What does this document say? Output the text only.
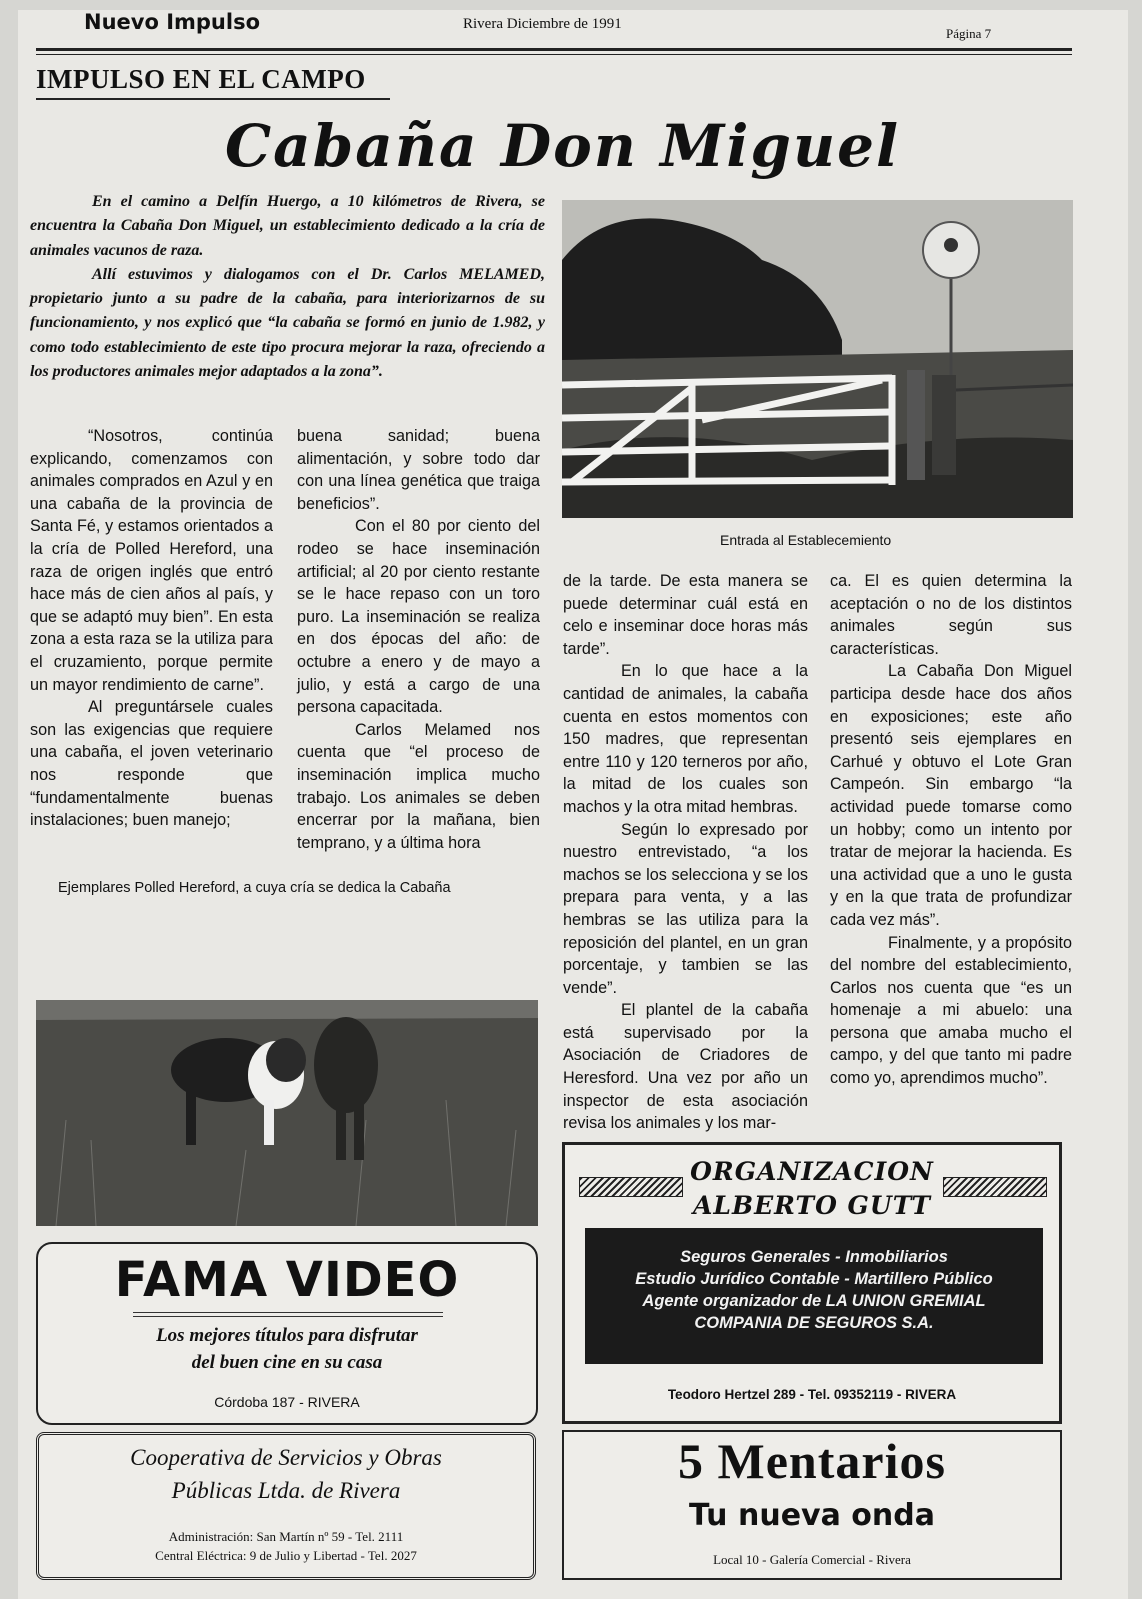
Nuevo Impulso	Rivera Diciembre de 1991
Página 7
IMPULSO EN EL CAMPO
Cabaña Don Miguel

En el camino a Delfín Huergo, a 10 kilómetros de Rivera, se encuentra la Cabaña Don Miguel, un establecimiento dedicado a la cría de animales vacunos de raza.

Allí estuvimos y dialogamos con el Dr. Carlos MELAMED, propietario junto a su padre de la cabaña, para interiorizarnos de su funcionamiento, y nos explicó que “la cabaña se formó en junio de 1.982, y como todo establecimiento de este tipo procura mejorar la raza, ofreciendo a los productores animales mejor adaptados a la zona”.

Entrada al Establecemiento

“Nosotros, continúa explicando, comenzamos con animales comprados en Azul y en una cabaña de la provincia de Santa Fé, y estamos orientados a la cría de Polled Hereford, una raza de origen inglés que entró hace más de cien años al país, y que se adaptó muy bien”. En esta zona a esta raza se la utiliza para el cruzamiento, porque permite un mayor rendimiento de carne”.

Al preguntársele cuales son las exigencias que requiere una cabaña, el joven veterinario nos responde que “fundamentalmente buenas instalaciones; buen manejo;

buena sanidad; buena alimentación, y sobre todo dar con una línea genética que traiga beneficios”.

Con el 80 por ciento del rodeo se hace inseminación artificial; al 20 por ciento restante se le hace repaso con un toro puro. La inseminación se realiza en dos épocas del año: de octubre a enero y de mayo a julio, y está a cargo de una persona capacitada.

Carlos Melamed nos cuenta que “el proceso de inseminación implica mucho trabajo. Los animales se deben encerrar por la mañana, bien temprano, y a última hora

de la tarde. De esta manera se puede determinar cuál está en celo e inseminar doce horas más tarde”.

En lo que hace a la cantidad de animales, la cabaña cuenta en estos momentos con 150 madres, que representan entre 110 y 120 terneros por año, la mitad de los cuales son machos y la otra mitad hembras.

Según lo expresado por nuestro entrevistado, “a los machos se los selecciona y se los prepara para venta, y a las hembras se las utiliza para la reposición del plantel, en un gran porcentaje, y tambien se las vende”.

El plantel de la cabaña está supervisado por la Asociación de Criadores de Heresford. Una vez por año un inspector de esta asociación revisa los animales y los mar-

ca. El es quien determina la aceptación o no de los distintos animales según sus características.

La Cabaña Don Miguel participa desde hace dos años en exposiciones; este año presentó seis ejemplares en Carhué y obtuvo el Lote Gran Campeón. Sin embargo “la actividad puede tomarse como un hobby; como un intento por tratar de mejorar la hacienda. Es una actividad que a uno le gusta y en la que trata de profundizar cada vez más”.

Finalmente, y a propósito del nombre del establecimiento, Carlos nos cuenta que “es un homenaje a mi abuelo: una persona que amaba mucho el campo, y del que tanto mi padre como yo, aprendimos mucho”.

Ejemplares Polled Hereford, a cuya cría se dedica la Cabaña
FAMA VIDEO
Los mejores títulos para disfrutar
del buen cine en su casa
Córdoba 187 - RIVERA
Cooperativa de Servicios y Obras
Públicas Ltda. de Rivera
Administración: San Martín nº 59 - Tel. 2111
Central Eléctrica: 9 de Julio y Libertad - Tel. 2027
ORGANIZACION
ALBERTO GUTT
Seguros Generales - Inmobiliarios
Estudio Jurídico Contable - Martillero Público
Agente organizador de LA UNION GREMIAL
COMPANIA DE SEGUROS S.A.
Teodoro Hertzel 289 - Tel. 09352119 - RIVERA
5 Mentarios
Tu nueva onda
Local 10 - Galería Comercial - Rivera
